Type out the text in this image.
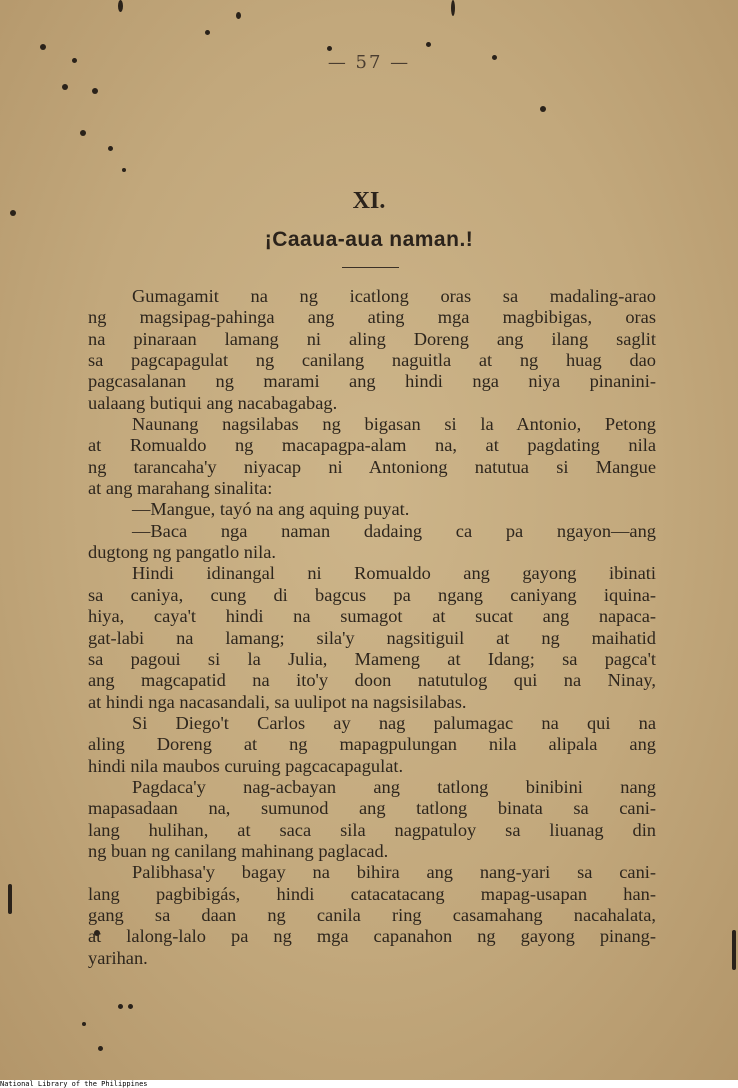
— 57 —
XI.
¡Caaua-aua naman.!
Gumagamit na ng icatlong oras sa madaling-arao
ng magsipag-pahinga ang ating mga magbibigas, oras
na pinaraan lamang ni aling Doreng ang ilang saglit
sa pagcapagulat ng canilang naguitla at ng huag dao
pagcasalanan ng marami ang hindi nga niya pinanini-
ualaang butiqui ang nacabagabag.
Naunang nagsilabas ng bigasan si la Antonio, Petong
at Romualdo ng macapagpa-alam na, at pagdating nila
ng tarancaha'y niyacap ni Antoniong natutua si Mangue
at ang marahang sinalita:
—Mangue, tayó na ang aquing puyat.
—Baca nga naman dadaing ca pa ngayon—ang
dugtong ng pangatlo nila.
Hindi idinangal ni Romualdo ang gayong ibinati
sa caniya, cung di bagcus pa ngang caniyang iquina-
hiya, caya't hindi na sumagot at sucat ang napaca-
gat-labi na lamang; sila'y nagsitiguil at ng maihatid
sa pagoui si la Julia, Mameng at Idang; sa pagca't
ang magcapatid na ito'y doon natutulog qui na Ninay,
at hindi nga nacasandali, sa uulipot na nagsisilabas.
Si Diego't Carlos ay nag palumagac na qui na
aling Doreng at ng mapagpulungan nila alipala ang
hindi nila maubos curuing pagcacapagulat.
Pagdaca'y nag-acbayan ang tatlong binibini nang
mapasadaan na, sumunod ang tatlong binata sa cani-
lang hulihan, at saca sila nagpatuloy sa liuanag din
ng buan ng canilang mahinang paglacad.
Palibhasa'y bagay na bihira ang nang-yari sa cani-
lang pagbibigás, hindi catacatacang mapag-usapan han-
gang sa daan ng canila ring casamahang nacahalata,
at lalong-lalo pa ng mga capanahon ng gayong pinang-
yarihan.
National Library of the Philippines
